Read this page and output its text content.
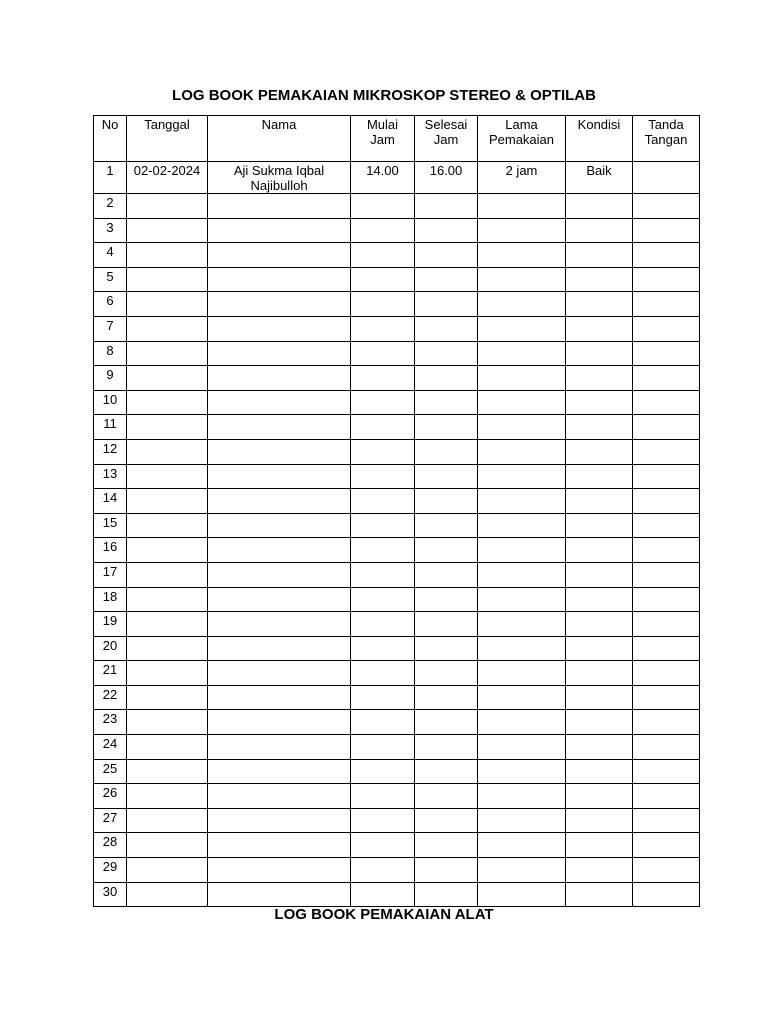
LOG BOOK PEMAKAIAN MIKROSKOP STEREO & OPTILAB
No	Tanggal	Nama	Mulai Jam	Selesai Jam	Lama Pemakaian	Kondisi	Tanda Tangan
1	02-02-2024	Aji Sukma Iqbal Najibulloh	14.00	16.00	2 jam	Baik	
2							
3							
4							
5							
6							
7							
8							
9							
10							
11							
12							
13							
14							
15							
16							
17							
18							
19							
20							
21							
22							
23							
24							
25							
26							
27							
28							
29							
30							
LOG BOOK PEMAKAIAN ALAT
